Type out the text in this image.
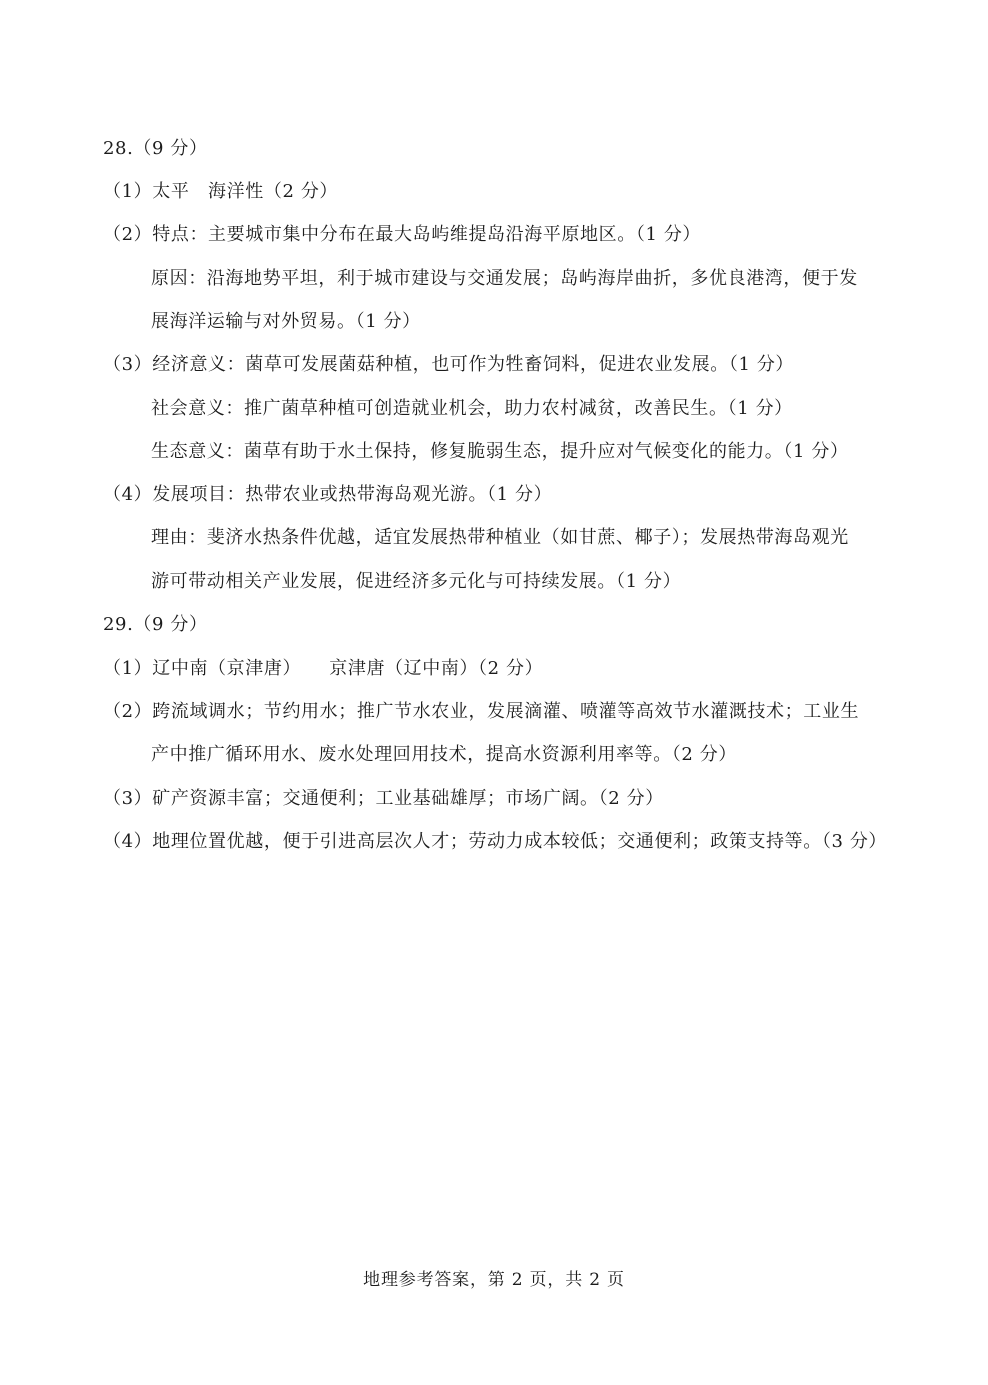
28.（9 分）
（1）太平　海洋性（2 分）
（2）特点：主要城市集中分布在最大岛屿维提岛沿海平原地区。（1 分）
原因：沿海地势平坦，利于城市建设与交通发展；岛屿海岸曲折，多优良港湾，便于发
展海洋运输与对外贸易。（1 分）
（3）经济意义：菌草可发展菌菇种植，也可作为牲畜饲料，促进农业发展。（1 分）
社会意义：推广菌草种植可创造就业机会，助力农村减贫，改善民生。（1 分）
生态意义：菌草有助于水土保持，修复脆弱生态，提升应对气候变化的能力。（1 分）
（4）发展项目：热带农业或热带海岛观光游。（1 分）
理由：斐济水热条件优越，适宜发展热带种植业（如甘蔗、椰子）；发展热带海岛观光
游可带动相关产业发展，促进经济多元化与可持续发展。（1 分）
29.（9 分）
（1）辽中南（京津唐）　　京津唐（辽中南）（2 分）
（2）跨流域调水；节约用水；推广节水农业，发展滴灌、喷灌等高效节水灌溉技术；工业生
产中推广循环用水、废水处理回用技术，提高水资源利用率等。（2 分）
（3）矿产资源丰富；交通便利；工业基础雄厚；市场广阔。（2 分）
（4）地理位置优越，便于引进高层次人才；劳动力成本较低；交通便利；政策支持等。（3 分）
地理参考答案，第 2 页，共 2 页
